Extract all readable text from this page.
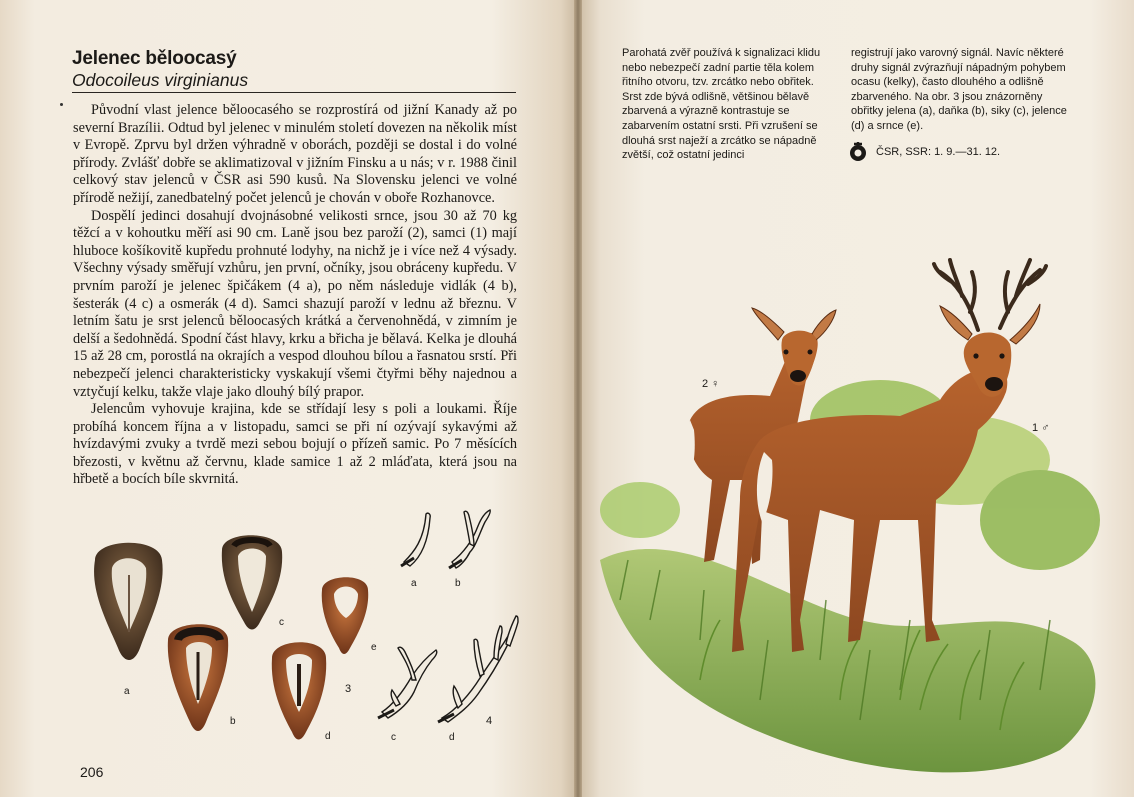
Jelenec běloocasý
Odocoileus virginianus

Původní vlast jelence běloocasého se rozprostírá od jižní Kanady až po severní Brazílii. Odtud byl jelenec v minulém století dovezen na několik míst v Evropě. Zprvu byl držen výhradně v oborách, později se dostal i do volné přírody. Zvlášť dobře se aklimatizoval v jižním Finsku a u nás; v r. 1988 činil celkový stav jelenců v ČSR asi 590 kusů. Na Slovensku jelenci ve volné přírodě nežijí, zanedbatelný počet jelenců je chován v oboře Rozhanovce.

Dospělí jedinci dosahují dvojnásobné velikosti srnce, jsou 30 až 70 kg těžcí a v kohoutku měří asi 90 cm. Laně jsou bez paroží (2), samci (1) mají hluboce košíkovitě kupředu prohnuté lodyhy, na nichž je i více než 4 výsady. Všechny výsady směřují vzhůru, jen první, očníky, jsou obráceny kupředu. V prvním paroží je jelenec špičákem (4 a), po něm následuje vidlák (4 b), šesterák (4 c) a osmerák (4 d). Samci shazují paroží v lednu až březnu. V letním šatu je srst jelenců běloocasých krátká a červenohnědá, v zimním je delší a šedohnědá. Spodní část hlavy, krku a břicha je bělavá. Kelka je dlouhá 15 až 28 cm, porostlá na okrajích a vespod dlouhou bílou a řasnatou srstí. Při nebezpečí jelenci charakteristicky vyskakují všemi čtyřmi běhy najednou a vztyčují kelku, takže vlaje jako dlouhý bílý prapor.

Jelencům vyhovuje krajina, kde se střídají lesy s poli a loukami. Říje probíhá koncem října a v listopadu, samci se při ní ozývají sykavými až hvízdavými zvuky a tvrdě mezi sebou bojují o přízeň samic. Po 7 měsících březosti, v květnu až červnu, klade samice 1 až 2 mláďata, která jsou na hřbetě a bocích bíle skvrnitá.

a
b
c
d
e
3
a	b
c	d
4
206
Parohatá zvěř používá k signalizaci klidu nebo nebezpečí zadní partie těla kolem řitního otvoru, tzv. zrcátko nebo obřitek. Srst zde bývá odlišně, většinou bělavě zbarvená a výrazně kontrastuje se zabarvením ostatní srsti. Při vzrušení se dlouhá srst naježí a zrcátko se nápadně zvětší, což ostatní jedinci
registrují jako varovný signál. Navíc některé druhy signál zvýrazňují nápadným pohybem ocasu (kelky), často dlouhého a odlišně zbarveného. Na obr. 3 jsou znázorněny obřitky jelena (a), daňka (b), siky (c), jelence (d) a srnce (e).
ČSR, SSR: 1. 9.—31. 12.
2 ♀
1 ♂
